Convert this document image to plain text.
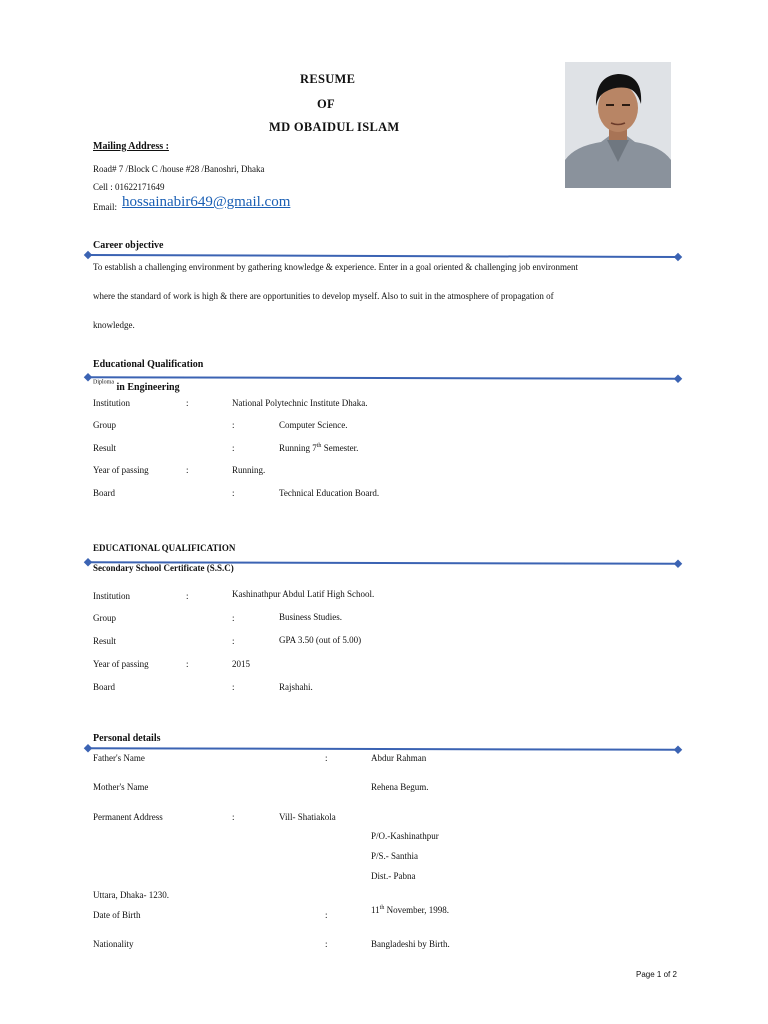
RESUME
OF
MD OBAIDUL ISLAM
Mailing Address :
Road# 7 /Block C /house #28 /Banoshri, Dhaka
Cell : 01622171649
Email: hossainabir649@gmail.com
Career objective
To establish a challenging environment by gathering knowledge & experience. Enter in a goal oriented & challenging job environment
where the standard of work is high & there are opportunities to develop myself. Also to suit in the atmosphere of propagation of
knowledge.
Educational Qualification
$^{Diploma}$ in Engineering
Institution	:	National Polytechnic Institute Dhaka.
Group	:	Computer Science.
Result	:	Running 7th Semester.
Year of passing	:	Running.
Board	:	Technical Education Board.
EDUCATIONAL QUALIFICATION
Secondary School Certificate (S.S.C)
Institution	:	Kashinathpur Abdul Latif High School.
Group	:	Business Studies.
Result	:	GPA 3.50 (out of 5.00)
Year of passing	:	2015
Board	:	Rajshahi.
Personal details
Father's Name	:	Abdur Rahman
Mother's Name	Rehena Begum.
Permanent Address	:	Vill- Shatiakola
P/O.-Kashinathpur
P/S.- Santhia
Dist.- Pabna
Uttara, Dhaka- 1230.
Date of Birth	:	11th November, 1998.
Nationality	:	Bangladeshi by Birth.
Page 1 of 2
